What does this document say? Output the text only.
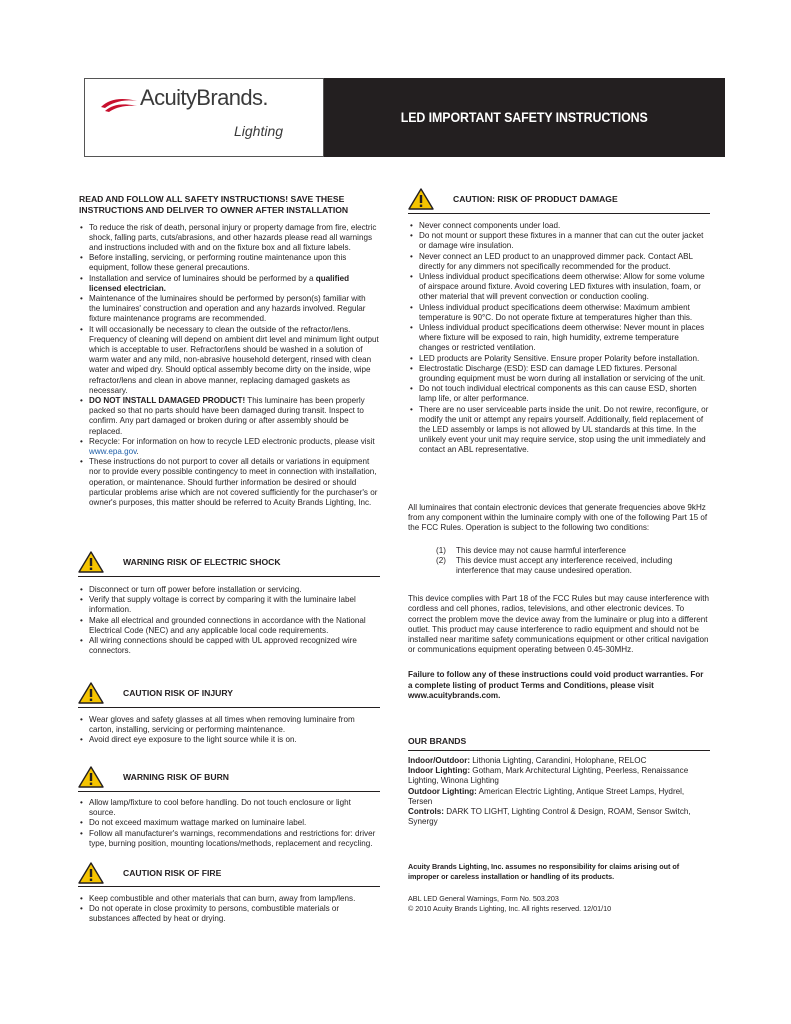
AcuityBrands.
Lighting
LED IMPORTANT SAFETY INSTRUCTIONS

READ AND FOLLOW ALL SAFETY INSTRUCTIONS! SAVE THESE

INSTRUCTIONS AND DELIVER TO OWNER AFTER INSTALLATION

• To reduce the risk of death, personal injury or property damage from fire, electric shock, falling parts, cuts/abrasions, and other hazards please read all warnings and instructions included with and on the fixture box and all fixture labels.
• Before installing, servicing, or performing routine maintenance upon this equipment, follow these general precautions.
• Installation and service of luminaires should be performed by a qualified licensed electrician.
• Maintenance of the luminaires should be performed by person(s) familiar with the luminaires' construction and operation and any hazards involved. Regular fixture maintenance programs are recommended.
• It will occasionally be necessary to clean the outside of the refractor/lens. Frequency of cleaning will depend on ambient dirt level and minimum light output which is acceptable to user. Refractor/lens should be washed in a solution of warm water and any mild, non-abrasive household detergent, rinsed with clean water and wiped dry. Should optical assembly become dirty on the inside, wipe refractor/lens and clean in above manner, replacing damaged gaskets as necessary.
• DO NOT INSTALL DAMAGED PRODUCT! This luminaire has been properly packed so that no parts should have been damaged during transit. Inspect to confirm. Any part damaged or broken during or after assembly should be replaced.
• Recycle: For information on how to recycle LED electronic products, please visit www.epa.gov.
• These instructions do not purport to cover all details or variations in equipment nor to provide every possible contingency to meet in connection with installation, operation, or maintenance. Should further information be desired or should particular problems arise which are not covered sufficiently for the purchaser's or owner's purposes, this matter should be referred to Acuity Brands Lighting, Inc.
WARNING RISK OF ELECTRIC SHOCK
• Disconnect or turn off power before installation or servicing.
• Verify that supply voltage is correct by comparing it with the luminaire label information.
• Make all electrical and grounded connections in accordance with the National Electrical Code (NEC) and any applicable local code requirements.
• All wiring connections should be capped with UL approved recognized wire connectors.
CAUTION RISK OF INJURY
• Wear gloves and safety glasses at all times when removing luminaire from carton, installing, servicing or performing maintenance.
• Avoid direct eye exposure to the light source while it is on.
WARNING RISK OF BURN
• Allow lamp/fixture to cool before handling. Do not touch enclosure or light source.
• Do not exceed maximum wattage marked on luminaire label.
• Follow all manufacturer's warnings, recommendations and restrictions for: driver type, burning position, mounting locations/methods, replacement and recycling.
CAUTION RISK OF FIRE
• Keep combustible and other materials that can burn, away from lamp/lens.
• Do not operate in close proximity to persons, combustible materials or substances affected by heat or drying.
CAUTION: RISK OF PRODUCT DAMAGE
• Never connect components under load.
• Do not mount or support these fixtures in a manner that can cut the outer jacket or damage wire insulation.
• Never connect an LED product to an unapproved dimmer pack. Contact ABL directly for any dimmers not specifically recommended for the product.
• Unless individual product specifications deem otherwise: Allow for some volume of airspace around fixture. Avoid covering LED fixtures with insulation, foam, or other material that will prevent convection or conduction cooling.
• Unless individual product specifications deem otherwise: Maximum ambient temperature is 90°C. Do not operate fixture at temperatures higher than this.
• Unless individual product specifications deem otherwise: Never mount in places where fixture will be exposed to rain, high humidity, extreme temperature changes or restricted ventilation.
• LED products are Polarity Sensitive. Ensure proper Polarity before installation.
• Electrostatic Discharge (ESD): ESD can damage LED fixtures. Personal grounding equipment must be worn during all installation or servicing of the unit.
• Do not touch individual electrical components as this can cause ESD, shorten lamp life, or alter performance.
• There are no user serviceable parts inside the unit. Do not rewire, reconfigure, or modify the unit or attempt any repairs yourself. Additionally, field replacement of the LED assembly or lamps is not allowed by UL standards at this time. In the unlikely event your unit may require service, stop using the unit immediately and contact an ABL representative.

All luminaires that contain electronic devices that generate frequencies above 9kHz from any component within the luminaire comply with one of the following Part 15 of the FCC Rules. Operation is subject to the following two conditions:

(1) This device may not cause harmful interference
(2) This device must accept any interference received, including interference that may cause undesired operation.

This device complies with Part 18 of the FCC Rules but may cause interference with cordless and cell phones, radios, televisions, and other electronic devices. To correct the problem move the device away from the luminaire or plug into a different outlet. This product may cause interference to radio equipment and should not be installed near maritime safety communications equipment or other critical navigation or communications equipment operating between 0.45-30MHz.

Failure to follow any of these instructions could void product warranties. For a complete listing of product Terms and Conditions, please visit www.acuitybrands.com.

OUR BRANDS

Indoor/Outdoor: Lithonia Lighting, Carandini, Holophane, RELOC

Indoor Lighting: Gotham, Mark Architectural Lighting, Peerless, Renaissance Lighting, Winona Lighting

Outdoor Lighting: American Electric Lighting, Antique Street Lamps, Hydrel, Tersen

Controls: DARK TO LIGHT, Lighting Control & Design, ROAM, Sensor Switch, Synergy

Acuity Brands Lighting, Inc. assumes no responsibility for claims arising out of improper or careless installation or handling of its products.

ABL LED General Warnings, Form No. 503.203

© 2010 Acuity Brands Lighting, Inc. All rights reserved. 12/01/10
